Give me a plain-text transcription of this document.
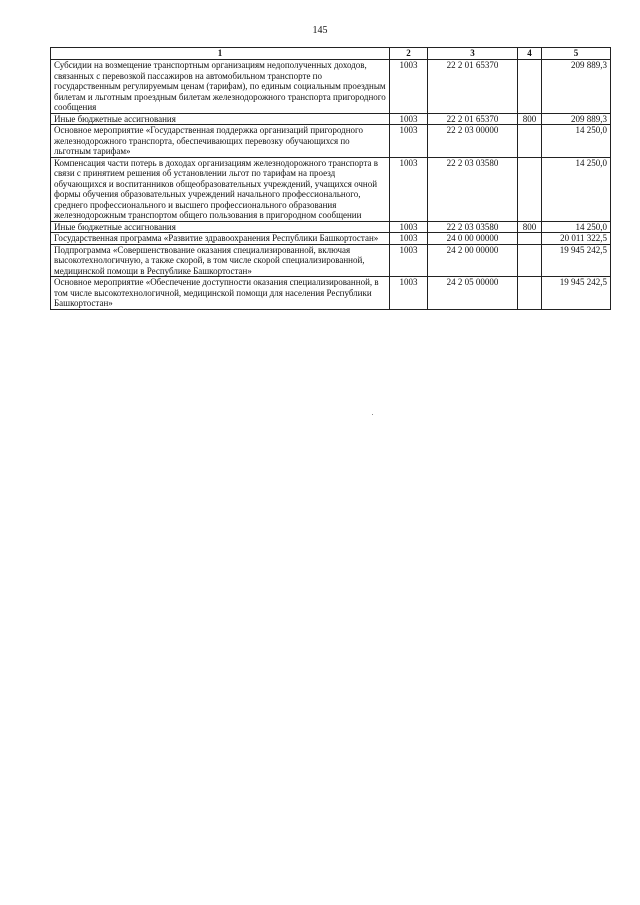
145
1	2	3	4	5
Субсидии на возмещение транспортным организациям недополученных доходов, связанных с перевозкой пассажиров на автомобильном транспорте по государственным регулируемым ценам (тарифам), по единым социальным проездным билетам и льготным проездным билетам железнодорожного транспорта пригородного сообщения	1003	22 2 01 65370		209 889,3
Иные бюджетные ассигнования	1003	22 2 01 65370	800	209 889,3
Основное мероприятие «Государственная поддержка организаций пригородного железнодорожного транспорта, обеспечивающих перевозку обучающихся по льготным тарифам»	1003	22 2 03 00000		14 250,0
Компенсация части потерь в доходах организациям железнодорожного транспорта в связи с принятием решения об установлении льгот по тарифам на проезд обучающихся и воспитанников общеобразовательных учреждений, учащихся очной формы обучения образовательных учреждений начального профессионального, среднего профессионального и высшего профессионального образования железнодорожным транспортом общего пользования в пригородном сообщении	1003	22 2 03 03580		14 250,0
Иные бюджетные ассигнования	1003	22 2 03 03580	800	14 250,0
Государственная программа «Развитие здравоохранения Республики Башкортостан»	1003	24 0 00 00000		20 011 322,5
Подпрограмма «Совершенствование оказания специализированной, включая высокотехнологичную, а также скорой, в том числе скорой специализированной, медицинской помощи в Республике Башкортостан»	1003	24 2 00 00000		19 945 242,5
Основное мероприятие «Обеспечение доступности оказания специализированной, в том числе высокотехнологичной, медицинской помощи для населения Республики Башкортостан»	1003	24 2 05 00000		19 945 242,5
